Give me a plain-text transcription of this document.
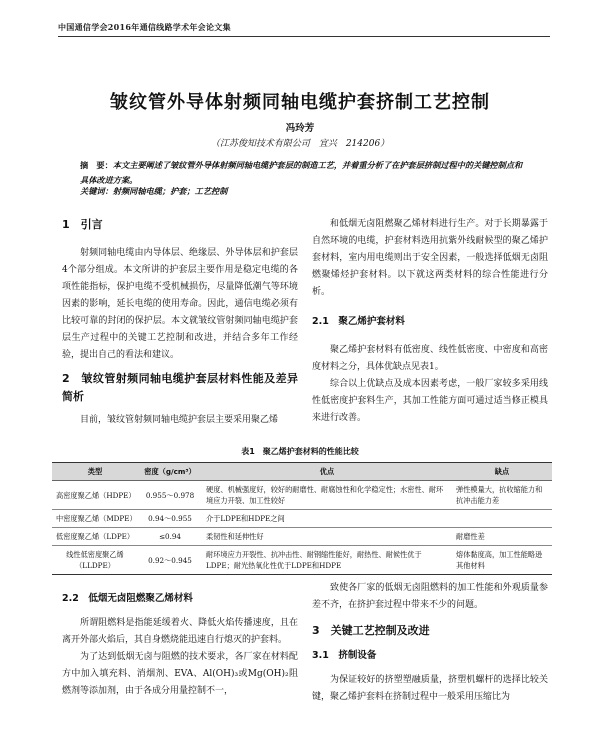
中国通信学会2016年通信线路学术年会论文集
皱纹管外导体射频同轴电缆护套挤制工艺控制
冯玲芳
（江苏俊知技术有限公司　宜兴　214206）
摘　要：本文主要阐述了皱纹管外导体射频同轴电缆护套层的制造工艺，并着重分析了在护套层挤制过程中的关键控制点和具体改进方案。
关键词：射频同轴电缆；护套；工艺控制

1　引言

射频同轴电缆由内导体层、绝缘层、外导体层和护套层4个部分组成。本文所讲的护套层主要作用是稳定电缆的各项性能指标，保护电缆不受机械损伤，尽量降低潮气等环境因素的影响，延长电缆的使用寿命。因此，通信电缆必须有比较可靠的封闭的保护层。本文就皱纹管射频同轴电缆护套层生产过程中的关键工艺控制和改进，并结合多年工作经验，提出自己的看法和建议。

2　皱纹管射频同轴电缆护套层材料性能及差异简析

目前，皱纹管射频同轴电缆护套层主要采用聚乙烯

和低烟无卤阻燃聚乙烯材料进行生产。对于长期暴露于自然环境的电缆，护套材料选用抗紫外线耐候型的聚乙烯护套材料，室内用电缆则出于安全因素，一般选择低烟无卤阻燃聚烯烃护套材料。以下就这两类材料的综合性能进行分析。

2.1　聚乙烯护套材料

聚乙烯护套材料有低密度、线性低密度、中密度和高密度材料之分，具体优缺点见表1。

综合以上优缺点及成本因素考虑，一般厂家较多采用线性低密度护套料生产，其加工性能方面可通过适当修正模具来进行改善。

表1　聚乙烯护套材料的性能比较
类型	密度（g/cm³）	优点	缺点
高密度聚乙烯（HDPE）	0.955～0.978	硬度、机械强度好，较好的耐磨性、耐腐蚀性和化学稳定性；水密性、耐环境应力开裂、加工性较好	弹性模量大，抗收缩能力和抗冲击能力差
中密度聚乙烯（MDPE）	0.94～0.955	介于LDPE和HDPE之间	
低密度聚乙烯（LDPE）	≤0.94	柔韧性和延伸性好	耐磨性差
线性低密度聚乙烯（LLDPE）	0.92～0.945	耐环境应力开裂性、抗冲击性、耐钢缩性能好，耐热性、耐候性优于LDPE；耐光热氧化性优于LDPE和HDPE	熔体黏度高，加工性能略逊其他材料

2.2　低烟无卤阻燃聚乙烯材料

所谓阻燃料是指能延缓着火、降低火焰传播速度，且在离开外部火焰后，其自身燃烧能迅速自行熄灭的护套料。

为了达到低烟无卤与阻燃的技术要求，各厂家在材料配方中加入填充料、消烟剂、EVA、Al(OH)₃或Mg(OH)₂阻燃剂等添加剂，由于各成分用量控制不一，

致使各厂家的低烟无卤阻燃料的加工性能和外观质量参差不齐，在挤护套过程中带来不少的问题。

3　关键工艺控制及改进

3.1　挤制设备

为保证较好的挤塑塑融质量，挤塑机螺杆的选择比较关键，聚乙烯护套料在挤制过程中一般采用压缩比为
